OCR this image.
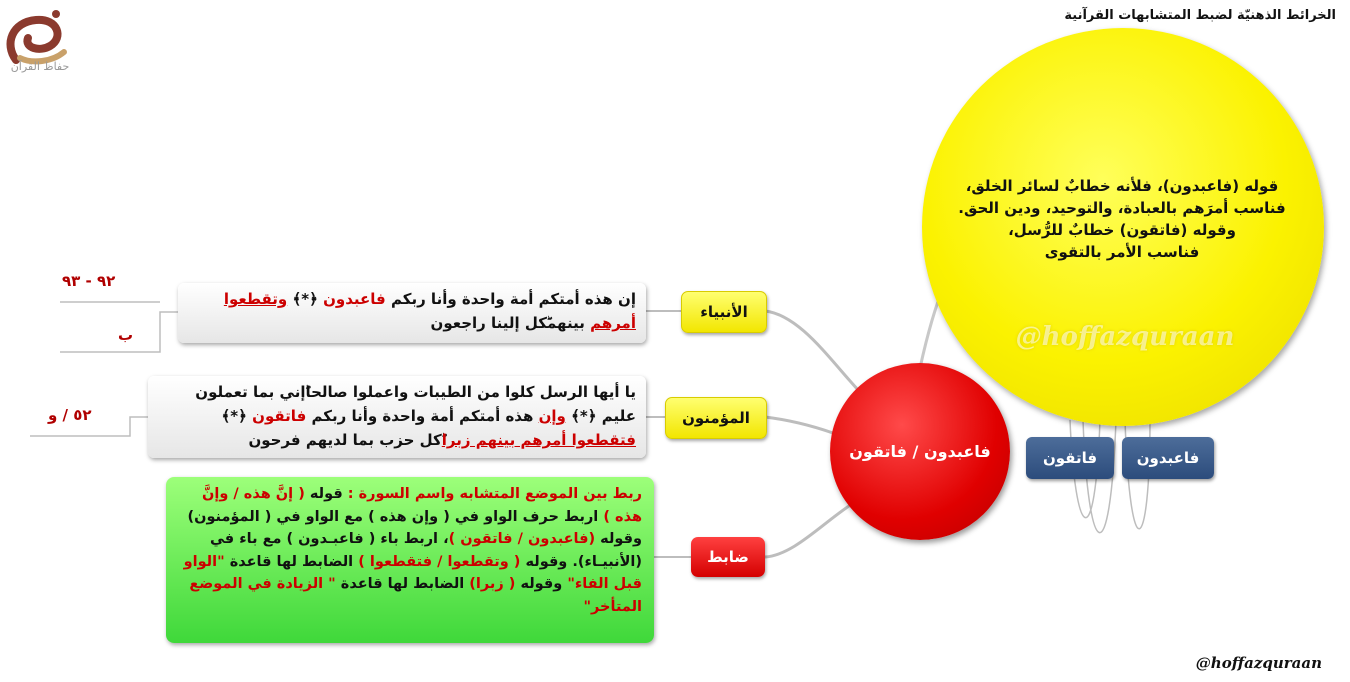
الخرائط الذهنيّة لضبط المتشابهات القرآنية
حفاظ القرآن
قوله (فاعبدون)، فلأنه خطابٌ لسائر الخلق،
فناسب أمرَهم بالعبادة، والتوحيد، ودين الحق.
وقوله (فاتقون) خطابٌ للرُّسل،
فناسب الأمر بالتقوى
@hoffazquraan
فاتقون	فاعبدون
فاعبدون / فاتقون
الأنبياء
المؤمنون
ضابط
إن هذه أمتكم أمة واحدة وأنا ربكم فاعبدون ﴿*﴾ وتقطعوا أمرهم بينهمكل إلينا راجعون
يا أيها الرسل كلوا من الطيبات واعملوا صالحاإني بما تعملون عليم ﴿*﴾ وإن هذه أمتكم أمة واحدة وأنا ربكم فاتقون ﴿*﴾ فتقطعوا أمرهم بينهم زبراكل حزب بما لديهم فرحون
ربط بين الموضع المتشابه واسم السورة : قوله ( إنَّ هذه / وإنَّ هذه ) اربط حرف الواو في ( وإن هذه ) مع الواو في ( المؤمنون) وقوله (فاعبدون / فاتقون )، اربط باء ( فاعبـدون ) مع باء في (الأنبيـاء). وقوله ( وتقطعوا / فتقطعوا ) الضابط لها قاعدة "الواو قبل الفاء" وقوله ( زبرا) الضابط لها قاعدة " الزيادة في الموضع المتأخر"
٩٢ - ٩٣
ب
٥٢ / و
@hoffazquraan
